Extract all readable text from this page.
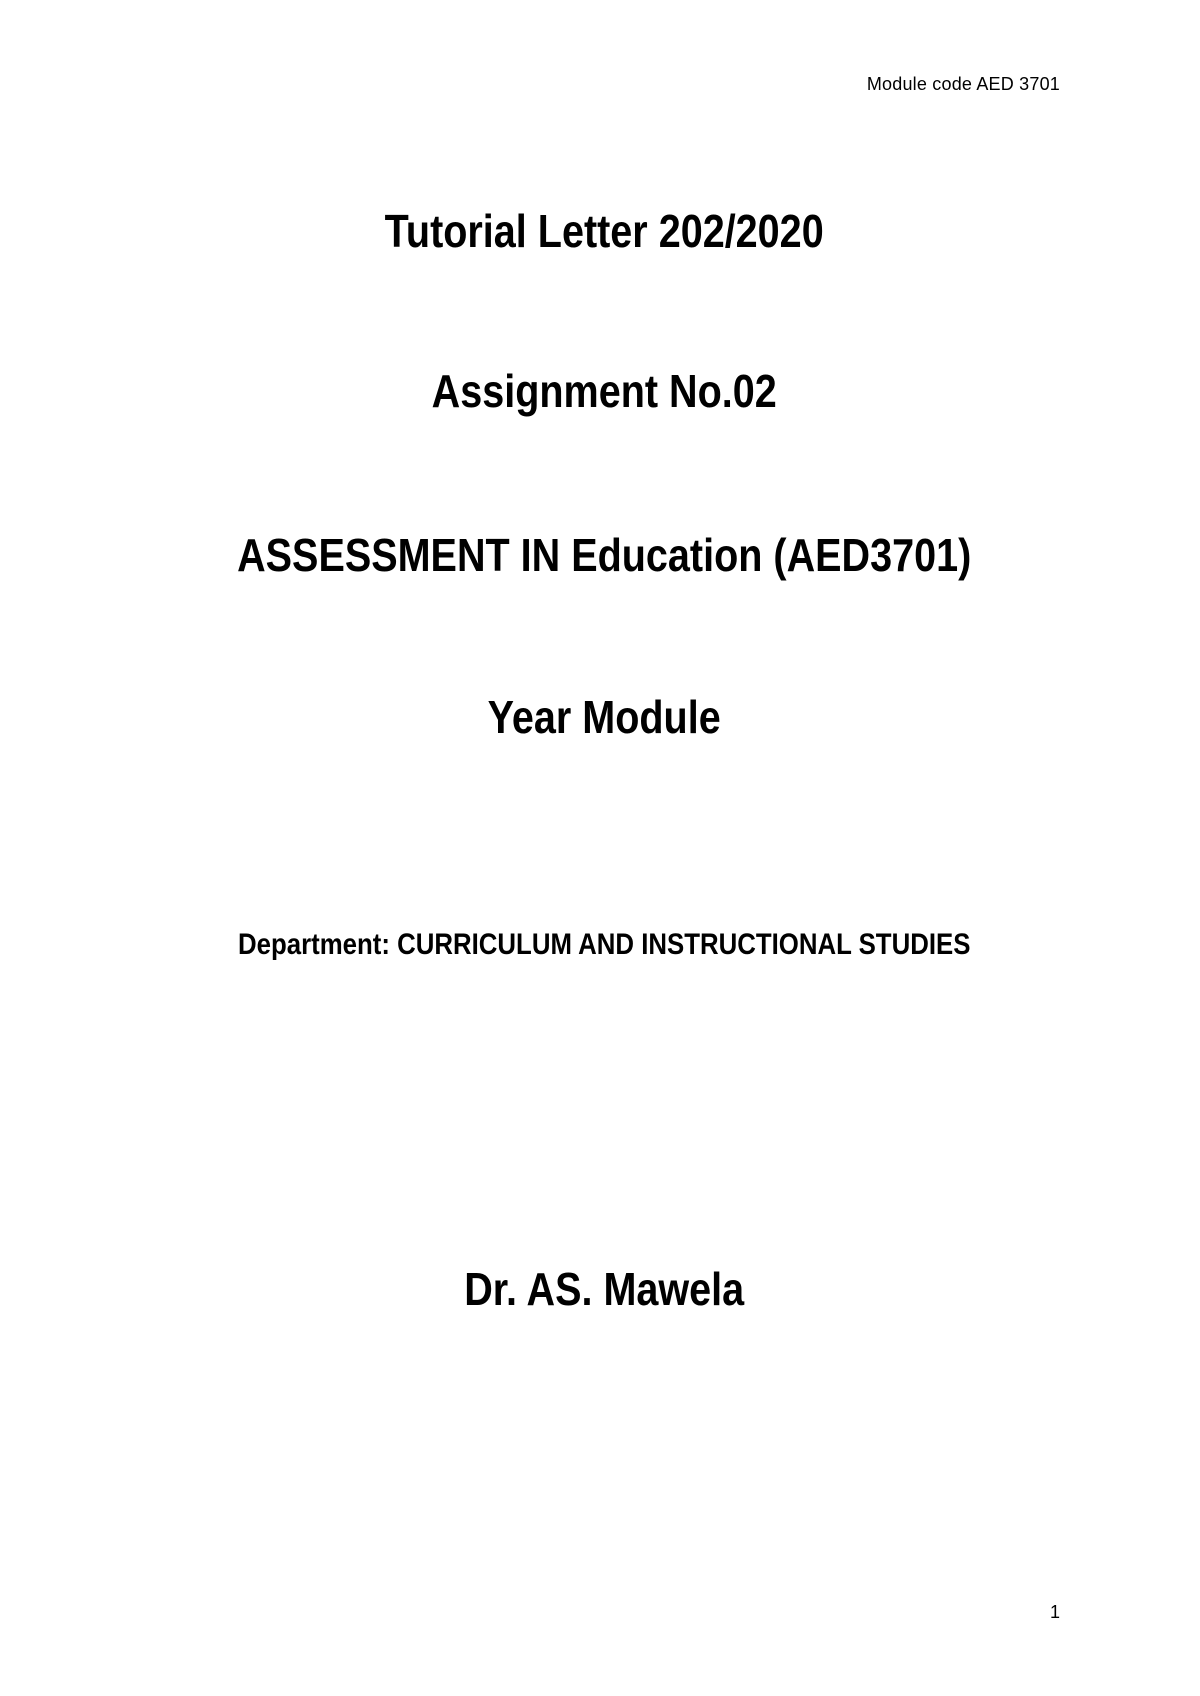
Module code AED 3701
Tutorial Letter 202/2020
Assignment No.02
ASSESSMENT IN Education (AED3701)
Year Module
Department: CURRICULUM AND INSTRUCTIONAL STUDIES
Dr. AS. Mawela
1
